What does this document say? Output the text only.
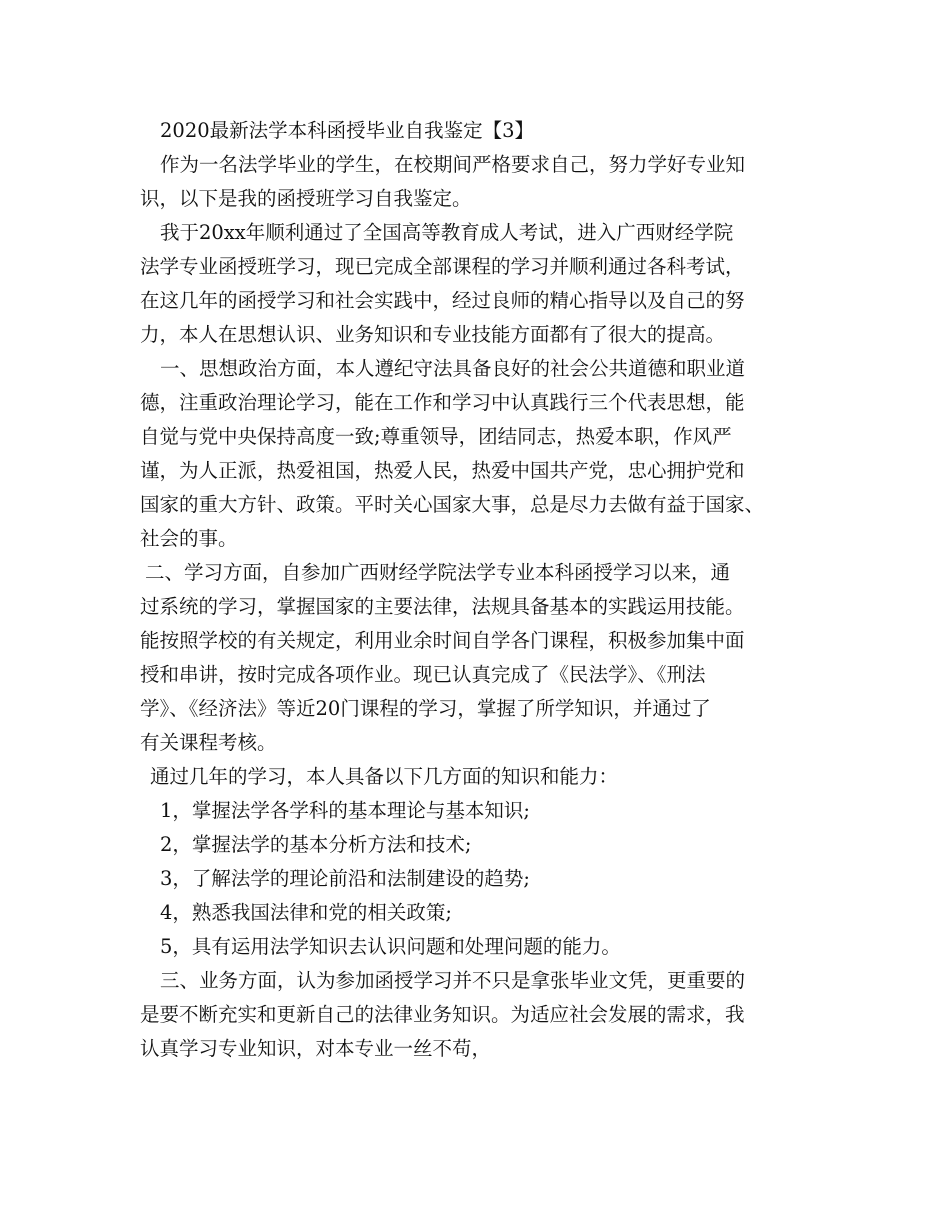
2020最新法学本科函授毕业自我鉴定【3】
作为一名法学毕业的学生，在校期间严格要求自己，努力学好专业知
识，以下是我的函授班学习自我鉴定。
我于20xx年顺利通过了全国高等教育成人考试，进入广西财经学院
法学专业函授班学习，现已完成全部课程的学习并顺利通过各科考试，
在这几年的函授学习和社会实践中，经过良师的精心指导以及自己的努
力，本人在思想认识、业务知识和专业技能方面都有了很大的提高。
一、思想政治方面，本人遵纪守法具备良好的社会公共道德和职业道
德，注重政治理论学习，能在工作和学习中认真践行三个代表思想，能
自觉与党中央保持高度一致;尊重领导，团结同志，热爱本职，作风严
谨，为人正派，热爱祖国，热爱人民，热爱中国共产党，忠心拥护党和
国家的重大方针、政策。平时关心国家大事，总是尽力去做有益于国家、
社会的事。
二、学习方面，自参加广西财经学院法学专业本科函授学习以来，通
过系统的学习，掌握国家的主要法律，法规具备基本的实践运用技能。
能按照学校的有关规定，利用业余时间自学各门课程，积极参加集中面
授和串讲，按时完成各项作业。现已认真完成了《民法学》、《刑法
学》、《经济法》等近20门课程的学习，掌握了所学知识，并通过了
有关课程考核。
通过几年的学习，本人具备以下几方面的知识和能力：
1，掌握法学各学科的基本理论与基本知识;
2，掌握法学的基本分析方法和技术;
3，了解法学的理论前沿和法制建设的趋势;
4，熟悉我国法律和党的相关政策;
5，具有运用法学知识去认识问题和处理问题的能力。
三、业务方面，认为参加函授学习并不只是拿张毕业文凭，更重要的
是要不断充实和更新自己的法律业务知识。为适应社会发展的需求，我
认真学习专业知识，对本专业一丝不苟，
